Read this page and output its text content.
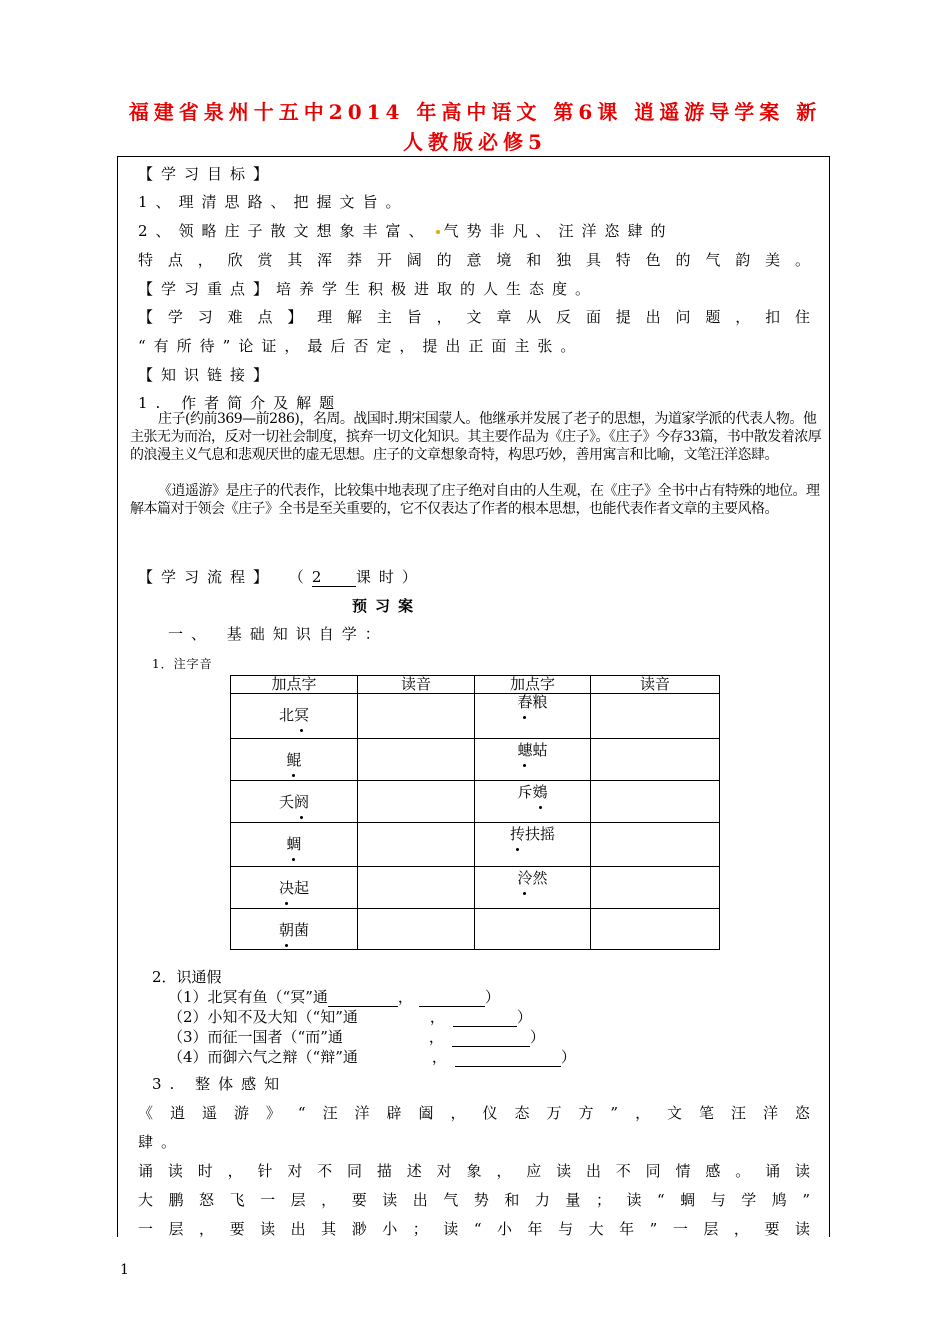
福建省泉州十五中2014 年高中语文 第6课 逍遥游导学案 新
人教版必修5
【学习目标】
1、理清思路、把握文旨。
2、领略庄子散文想象丰富、 气势非凡、汪洋恣肆的
特点，欣赏其浑莽开阔的意境和独具特色的气韵美。
【学习重点】培养学生积极进取的人生态度。
【学习难点】理解主旨，文章从反面提出问题，扣住
“有所待”论证，最后否定，提出正面主张。
【知识链接】
1. 作者简介及解题
庄子(约前369—前286)，名周。战国时.期宋国蒙人。他继承并发展了老子的思想，为道家学派的代表人物。他主张无为而治，反对一切社会制度，摈弃一切文化知识。其主要作品为《庄子》。《庄子》今存33篇，书中散发着浓厚的浪漫主义气息和悲观厌世的虚无思想。庄子的文章想象奇特，构思巧妙，善用寓言和比喻，文笔汪洋恣肆。
《逍遥游》是庄子的代表作，比较集中地表现了庄子绝对自由的人生观，在《庄子》全书中占有特殊的地位。理解本篇对于领会《庄子》全书是至关重要的，它不仅表达了作者的根本思想，也能代表作者文章的主要风格。
【学习流程】 （2 课时）
预习案
一、 基础知识自学：
1．注字音
加点字	读音	加点字	读音

北冥		舂粮	

鲲		蟪蛄	

夭阏		斥鴳	

蜩		抟扶摇	

决起		泠然	

朝菌			

2．识通假
（1）北冥有鱼（“冥”通	，	）
（2）小知不及大知（“知”通	，	）
（3）而征一国者（“而”通	，	）
（4）而御六气之辩（“辩”通	，	）
3. 整体感知
《逍遥游》“汪洋辟阖，仪态万方”，文笔汪洋恣
肆。
诵读时，针对不同描述对象，应读出不同情感。诵读
大鹏怒飞一层，要读出气势和力量；读“蜩与学鸠”
一层，要读出其渺小；读“小年与大年”一层，要读
1
